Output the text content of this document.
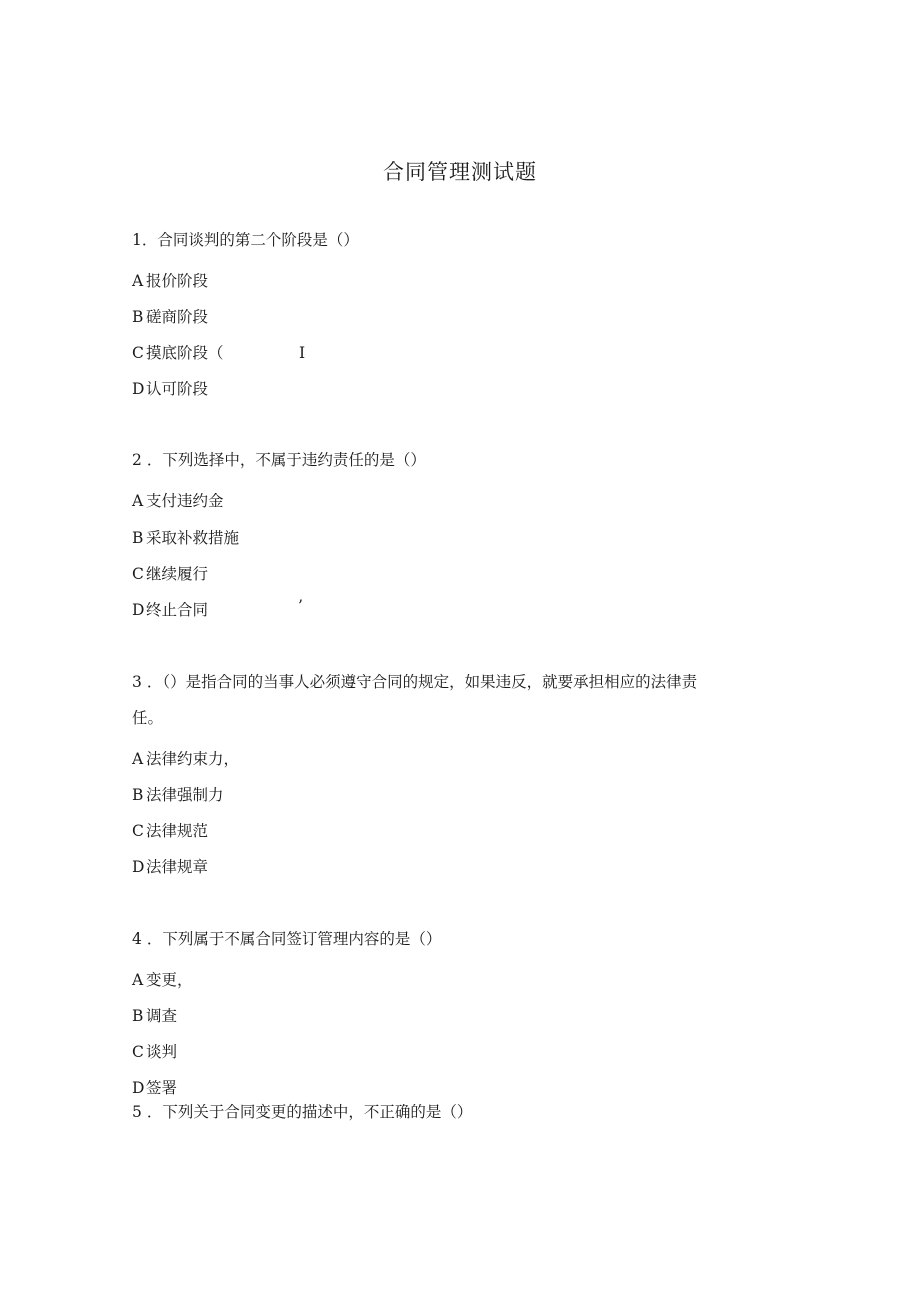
合同管理测试题
1．合同谈判的第二个阶段是（）
A 报价阶段
B 磋商阶段
C 摸底阶段（	I
D 认可阶段
2 ．下列选择中，不属于违约责任的是（）
A 支付违约金
B 采取补救措施
C 继续履行
D 终止合同	’
3 ．（）是指合同的当事人必须遵守合同的规定，如果违反，就要承担相应的法律责
任。
A 法律约束力，
B 法律强制力
C 法律规范
D 法律规章
4 ．下列属于不属合同签订管理内容的是（）
A 变更，
B 调查
C 谈判
D 签署
5 ．下列关于合同变更的描述中，不正确的是（）
